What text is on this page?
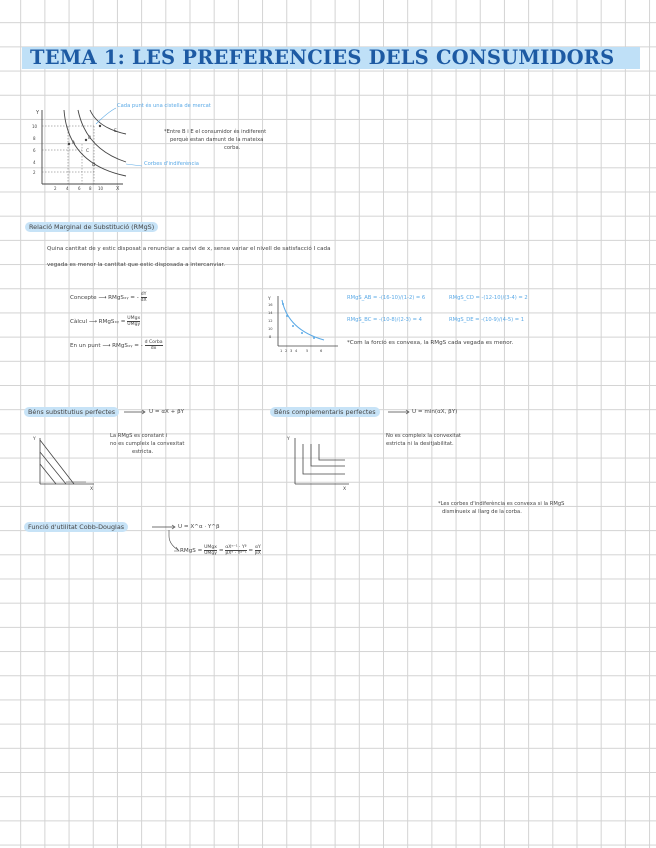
TEMA 1: LES PREFERENCIES DELS CONSUMIDORS
Y
X
10
8
6
4
2
2 4 6 8 10
A
B
C
D
E
Cada punt és una cistella de mercat
Corbes d'indiferència
*Entre B i E el consumidor és indiferent
perquè estan damunt de la mateixa
corba.
Relació Marginal de Substitució (RMgS)
Quina cantitat de y estic disposat a renunciar a canvi de x, sense variar el nivell de satisfacció I cada
vegada es menor la cantitat que estic disposada a intercanviar.
Concepte ⟶ RMgSₓᵧ = - $\frac{dY}{dX}$
Càlcul ⟶ RMgSₓᵧ =
UMgx
UMgy
En un punt ⟶ RMgSₓᵧ = -
d Corba
dx
Y
16
14
12
10
8
1 2 3 4 5	6
RMgS_AB = -(16-10)/(1-2) = 6	RMgS_CD = -(12-10)/(3-4) = 2
RMgS_BC = -(10-8)/(2-3) = 4	RMgS_DE = -(10-9)/(4-5) = 1
*Com la forció es convexa, la RMgS cada vegada es menor.
Béns substitutius perfectes	U = αX + βY
Y
X
La RMgS es constant i
no es cumpleix la convexitat
estricta.
Béns complementaris perfectes	U = min(αX, βY)
Y
X
No es compleix la convexitat
estricta ni la desitjabilitat.
*Les corbes d'indiferència es convexa si la RMgS
disminueix al llarg de la corba.
Funció d'utilitat Cobb-Douglas	U = X^α · Y^β
RMgS =
UMgx
UMgy =
αXᵅ⁻¹ · Yᵝ
βXᵅ · Yᵝ⁻¹ = $\frac{\alpha Y}{\beta X}$
